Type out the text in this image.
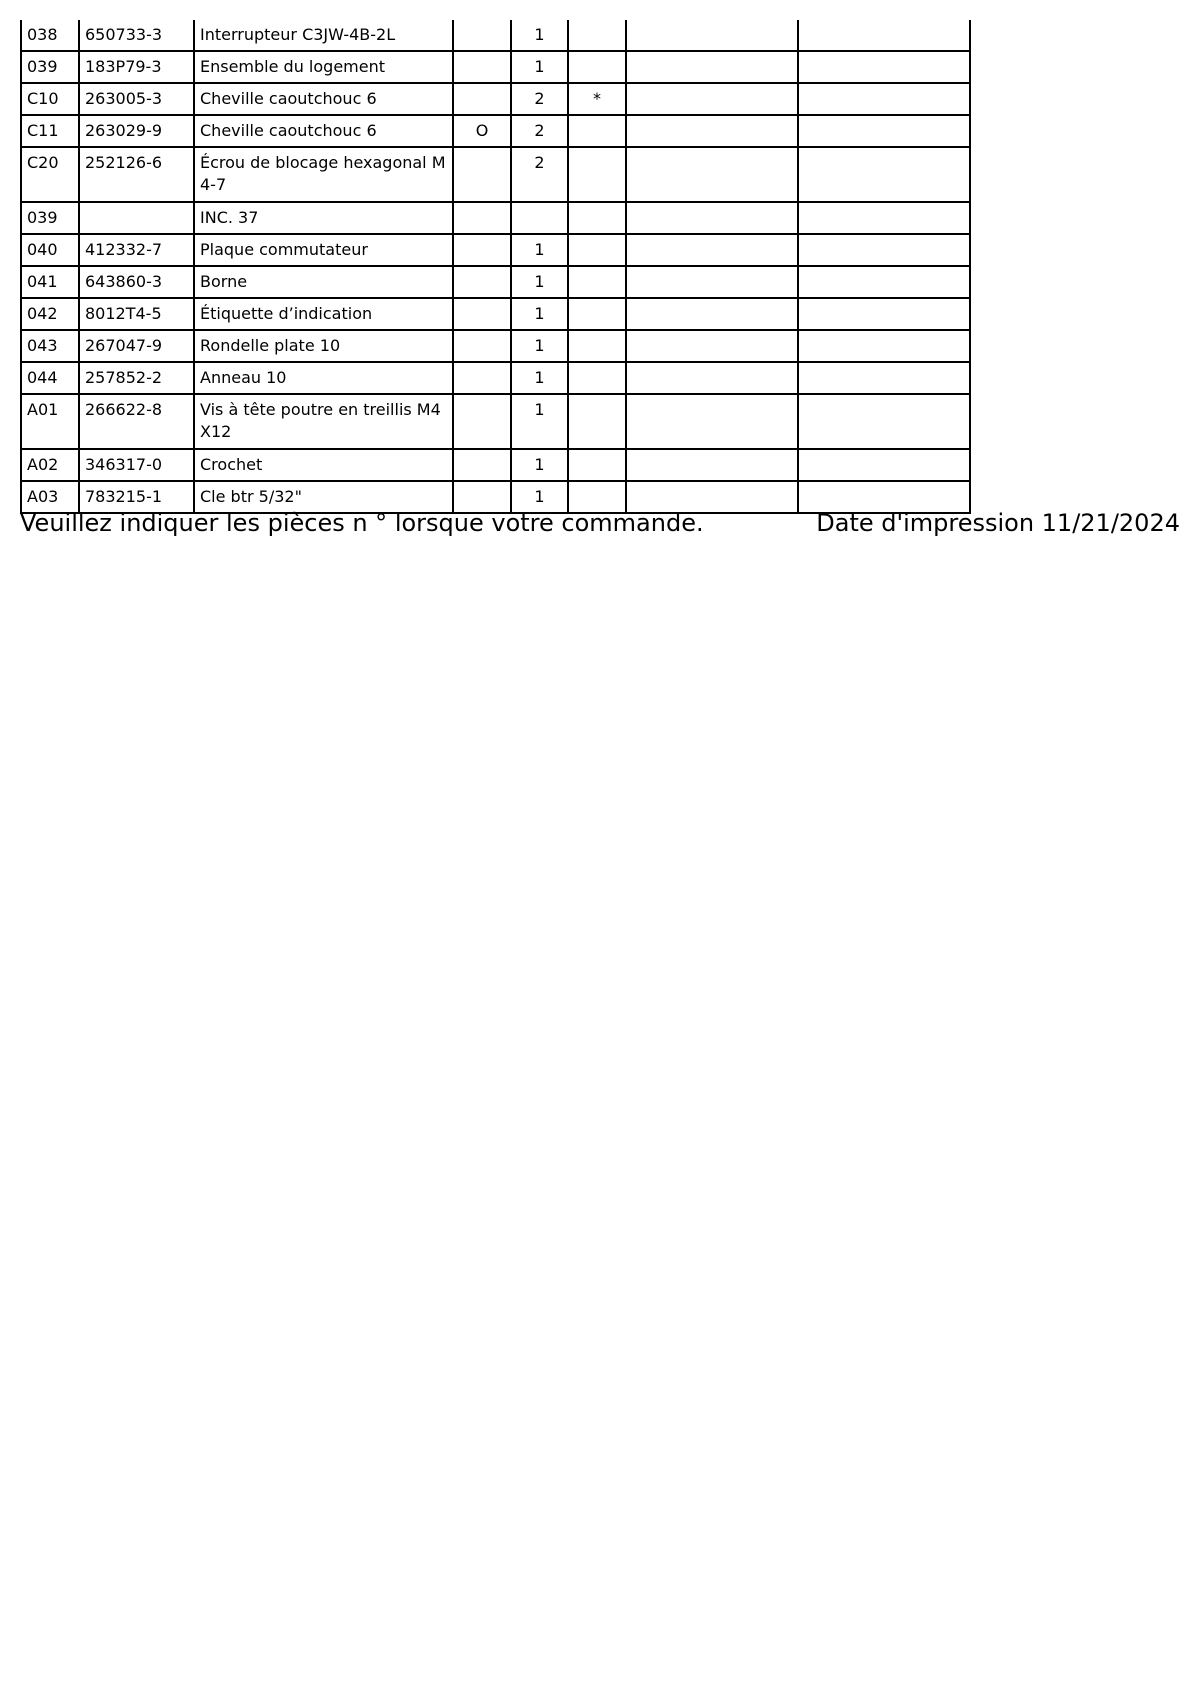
038	650733-3	Interrupteur C3JW-4B-2L		1			
039	183P79-3	Ensemble du logement		1			
C10	263005-3	Cheville caoutchouc 6		2	*		
C11	263029-9	Cheville caoutchouc 6	O	2			
C20	252126-6	Écrou de blocage hexagonal M4-7		2			
039		INC. 37					
040	412332-7	Plaque commutateur		1			
041	643860-3	Borne		1			
042	8012T4-5	Étiquette d’indication		1			
043	267047-9	Rondelle plate 10		1			
044	257852-2	Anneau 10		1			
A01	266622-8	Vis à tête poutre en treillis M4X12		1			
A02	346317-0	Crochet		1			
A03	783215-1	Cle btr 5/32"		1			
Veuillez indiquer les pièces n ° lorsque votre commande.	Date d'impression 11/21/2024
